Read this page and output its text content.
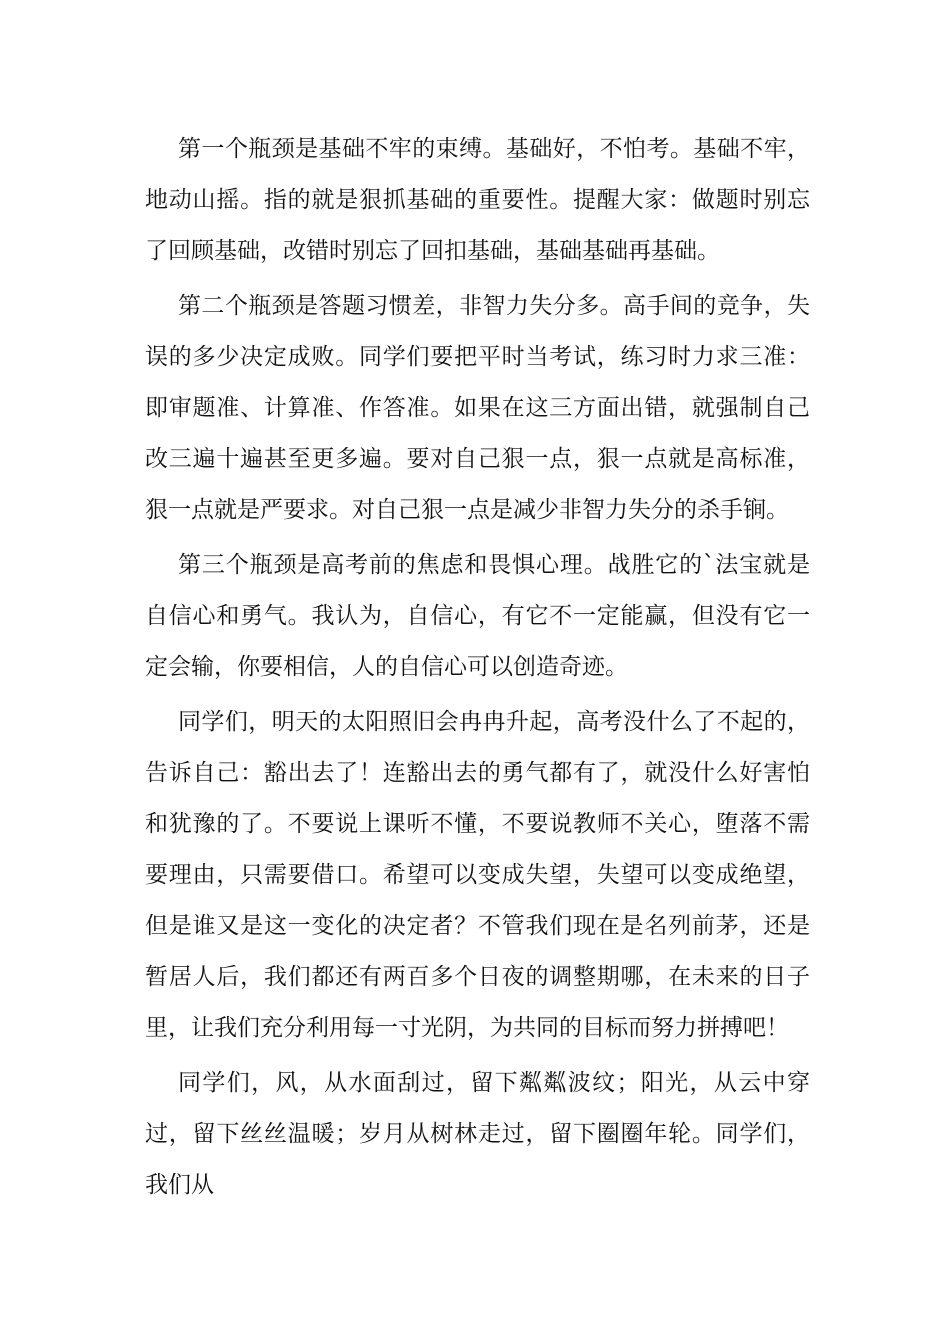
第一个瓶颈是基础不牢的束缚。基础好，不怕考。基础不牢，地动山摇。指的就是狠抓基础的重要性。提醒大家：做题时别忘了回顾基础，改错时别忘了回扣基础，基础基础再基础。

第二个瓶颈是答题习惯差，非智力失分多。高手间的竞争，失误的多少决定成败。同学们要把平时当考试，练习时力求三准：即审题准、计算准、作答准。如果在这三方面出错，就强制自己改三遍十遍甚至更多遍。要对自己狠一点，狠一点就是高标准，狠一点就是严要求。对自己狠一点是减少非智力失分的杀手锏。

第三个瓶颈是高考前的焦虑和畏惧心理。战胜它的`法宝就是自信心和勇气。我认为，自信心，有它不一定能赢，但没有它一定会输，你要相信，人的自信心可以创造奇迹。

同学们，明天的太阳照旧会冉冉升起，高考没什么了不起的，告诉自己：豁出去了！连豁出去的勇气都有了，就没什么好害怕和犹豫的了。不要说上课听不懂，不要说教师不关心，堕落不需要理由，只需要借口。希望可以变成失望，失望可以变成绝望，但是谁又是这一变化的决定者？不管我们现在是名列前茅，还是暂居人后，我们都还有两百多个日夜的调整期哪，在未来的日子里，让我们充分利用每一寸光阴，为共同的目标而努力拼搏吧！

同学们，风，从水面刮过，留下粼粼波纹；阳光，从云中穿过，留下丝丝温暖；岁月从树林走过，留下圈圈年轮。同学们，我们从
